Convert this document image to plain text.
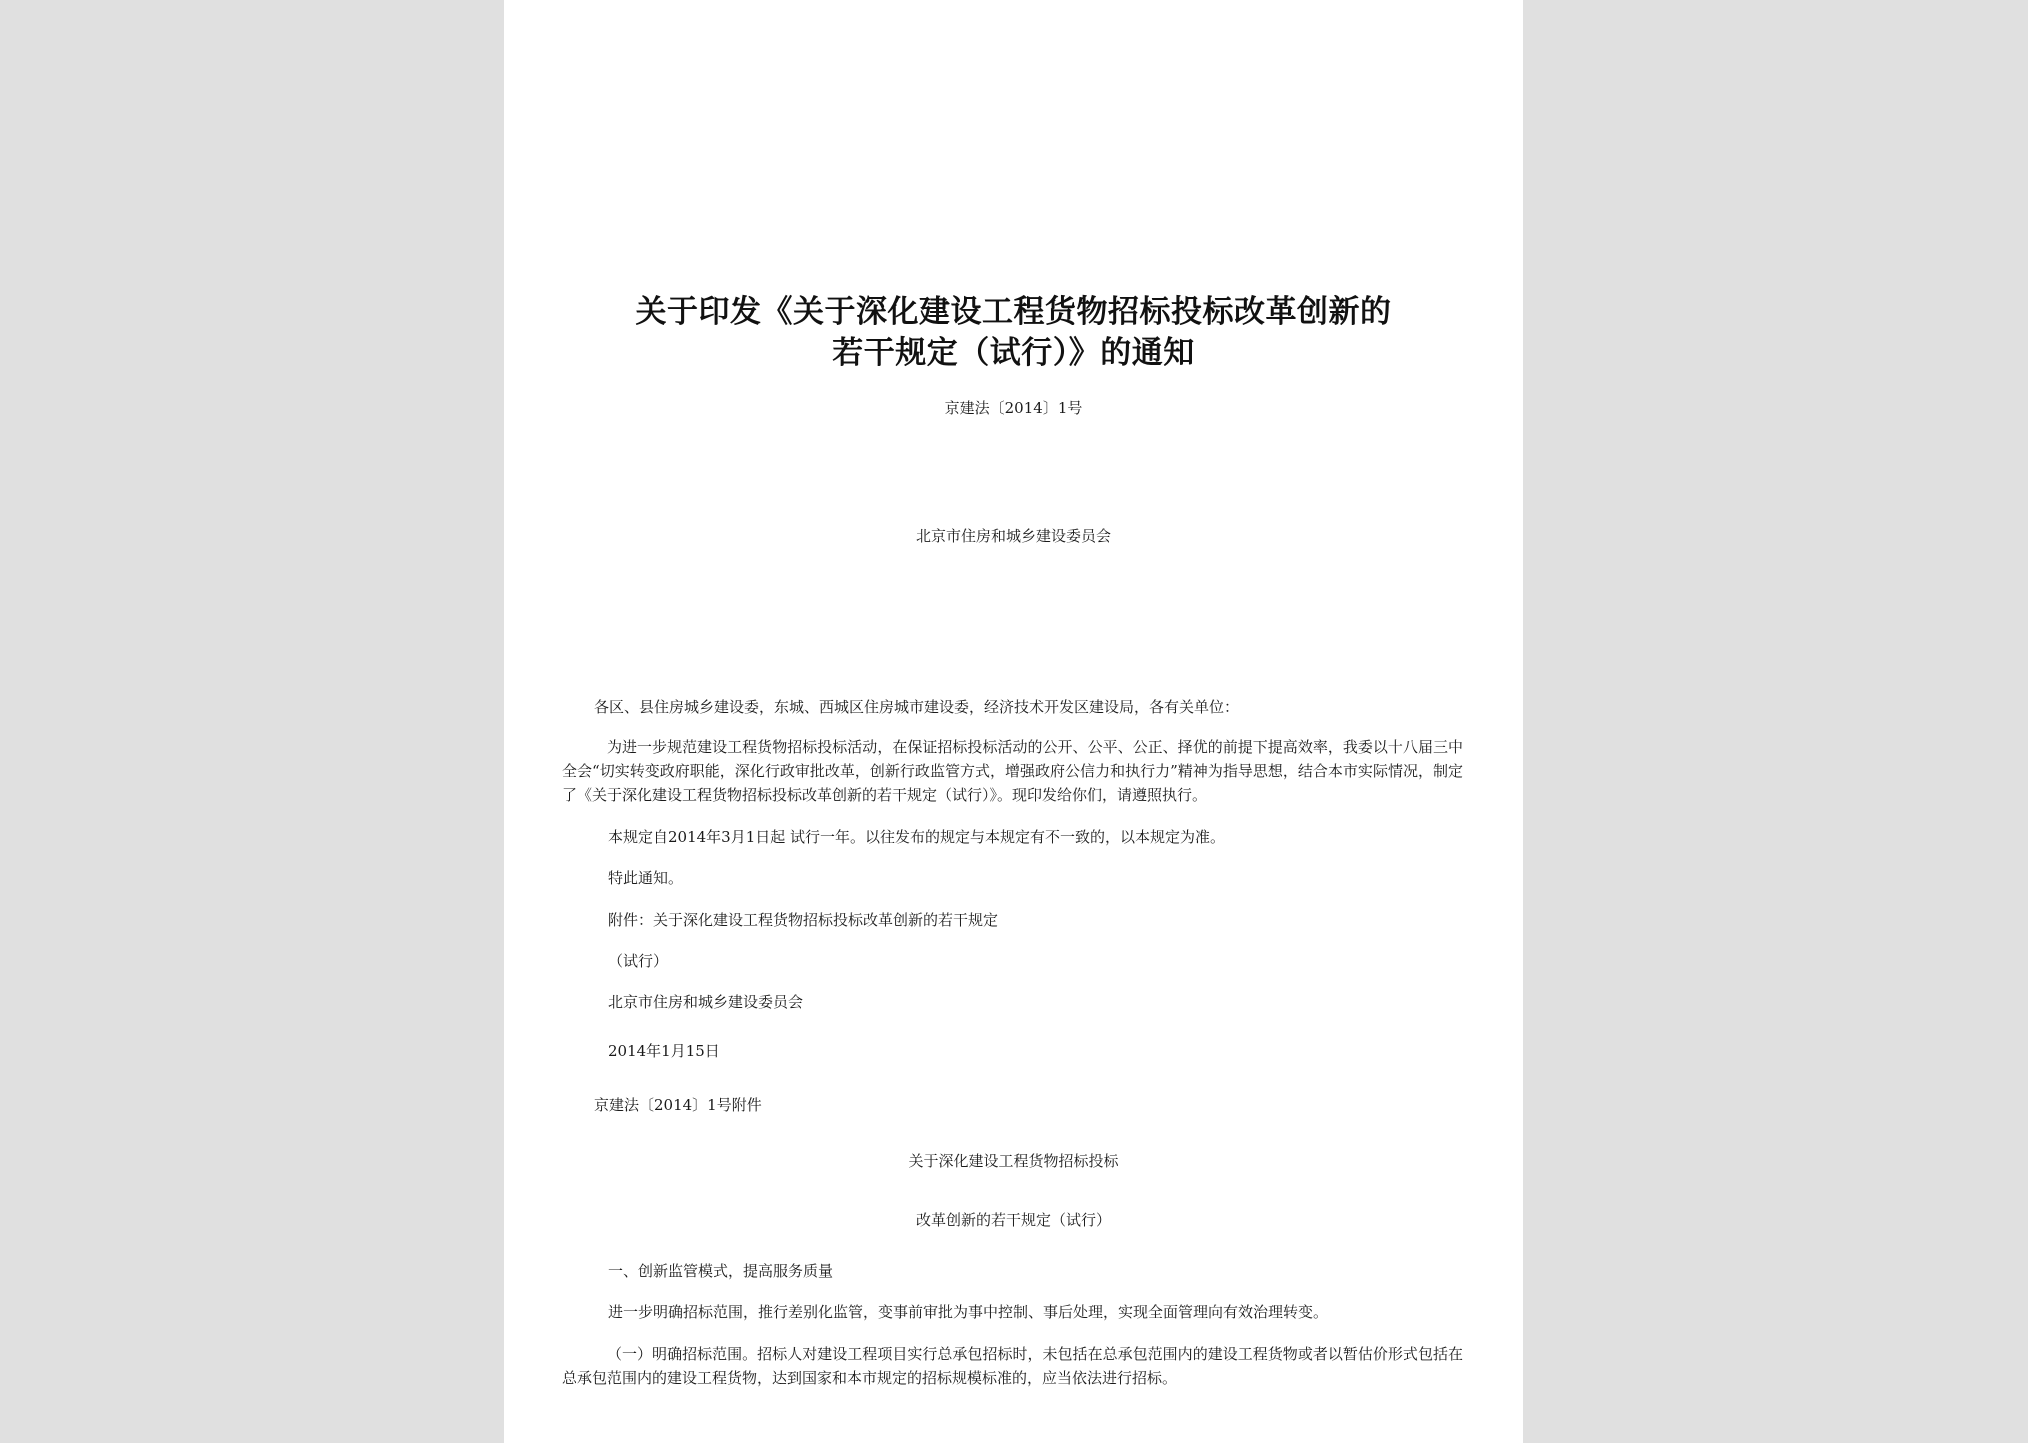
关于印发《关于深化建设工程货物招标投标改革创新的
若干规定（试行）》的通知
京建法〔2014〕1号
北京市住房和城乡建设委员会
各区、县住房城乡建设委，东城、西城区住房城市建设委，经济技术开发区建设局，各有关单位：
为进一步规范建设工程货物招标投标活动，在保证招标投标活动的公开、公平、公正、择优的前提下提高效率，我委以十八届三中全会“切实转变政府职能，深化行政审批改革，创新行政监管方式，增强政府公信力和执行力”精神为指导思想，结合本市实际情况，制定了《关于深化建设工程货物招标投标改革创新的若干规定（试行）》。现印发给你们，请遵照执行。
本规定自2014年3月1日起 试行一年。以往发布的规定与本规定有不一致的，以本规定为准。
特此通知。
附件：关于深化建设工程货物招标投标改革创新的若干规定
（试行）
北京市住房和城乡建设委员会
2014年1月15日
京建法〔2014〕1号附件
关于深化建设工程货物招标投标
改革创新的若干规定（试行）
一、创新监管模式，提高服务质量
进一步明确招标范围，推行差别化监管，变事前审批为事中控制、事后处理，实现全面管理向有效治理转变。
（一）明确招标范围。招标人对建设工程项目实行总承包招标时，未包括在总承包范围内的建设工程货物或者以暂估价形式包括在总承包范围内的建设工程货物，达到国家和本市规定的招标规模标准的，应当依法进行招标。
